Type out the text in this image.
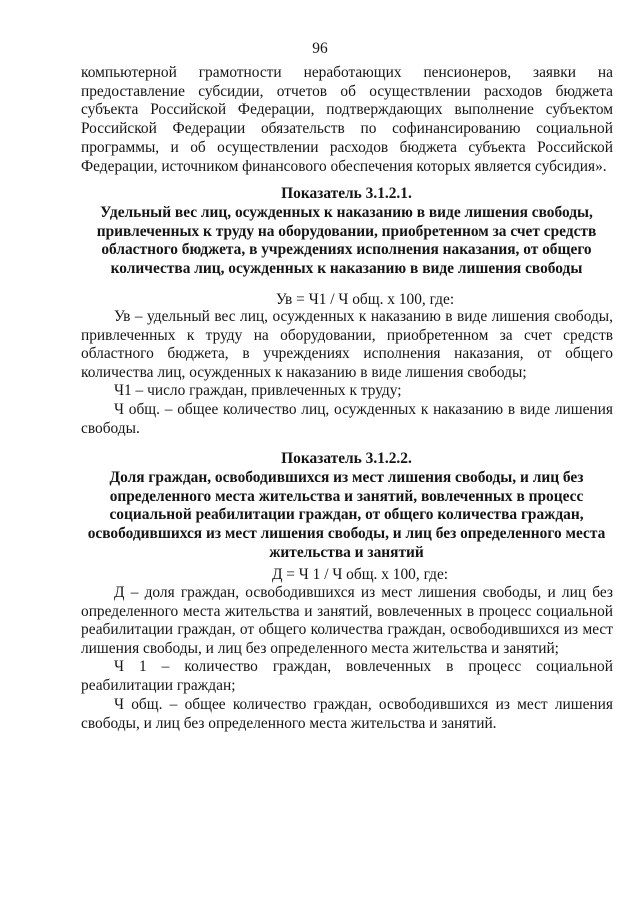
96

компьютерной грамотности неработающих пенсионеров, заявки на предоставление субсидии, отчетов об осуществлении расходов бюджета субъекта Российской Федерации, подтверждающих выполнение субъектом Российской Федерации обязательств по софинансированию социальной программы, и об осуществлении расходов бюджета субъекта Российской Федерации, источником финансового обеспечения которых является субсидия».

Показатель 3.1.2.1.

Удельный вес лиц, осужденных к наказанию в виде лишения свободы, привлеченных к труду на оборудовании, приобретенном за счет средств областного бюджета, в учреждениях исполнения наказания, от общего количества лиц, осужденных к наказанию в виде лишения свободы

Ув = Ч1 / Ч общ. х 100, где:

Ув – удельный вес лиц, осужденных к наказанию в виде лишения свободы, привлеченных к труду на оборудовании, приобретенном за счет средств областного бюджета, в учреждениях исполнения наказания, от общего количества лиц, осужденных к наказанию в виде лишения свободы;

Ч1 – число граждан, привлеченных к труду;

Ч общ. – общее количество лиц, осужденных к наказанию в виде лишения свободы.

Показатель 3.1.2.2.

Доля граждан, освободившихся из мест лишения свободы, и лиц без определенного места жительства и занятий, вовлеченных в процесс социальной реабилитации граждан, от общего количества граждан, освободившихся из мест лишения свободы, и лиц без определенного места жительства и занятий

Д = Ч 1 / Ч общ. х 100, где:

Д – доля граждан, освободившихся из мест лишения свободы, и лиц без определенного места жительства и занятий, вовлеченных в процесс социальной реабилитации граждан, от общего количества граждан, освободившихся из мест лишения свободы, и лиц без определенного места жительства и занятий;

Ч 1 – количество граждан, вовлеченных в процесс социальной реабилитации граждан;

Ч общ. – общее количество граждан, освободившихся из мест лишения свободы, и лиц без определенного места жительства и занятий.
